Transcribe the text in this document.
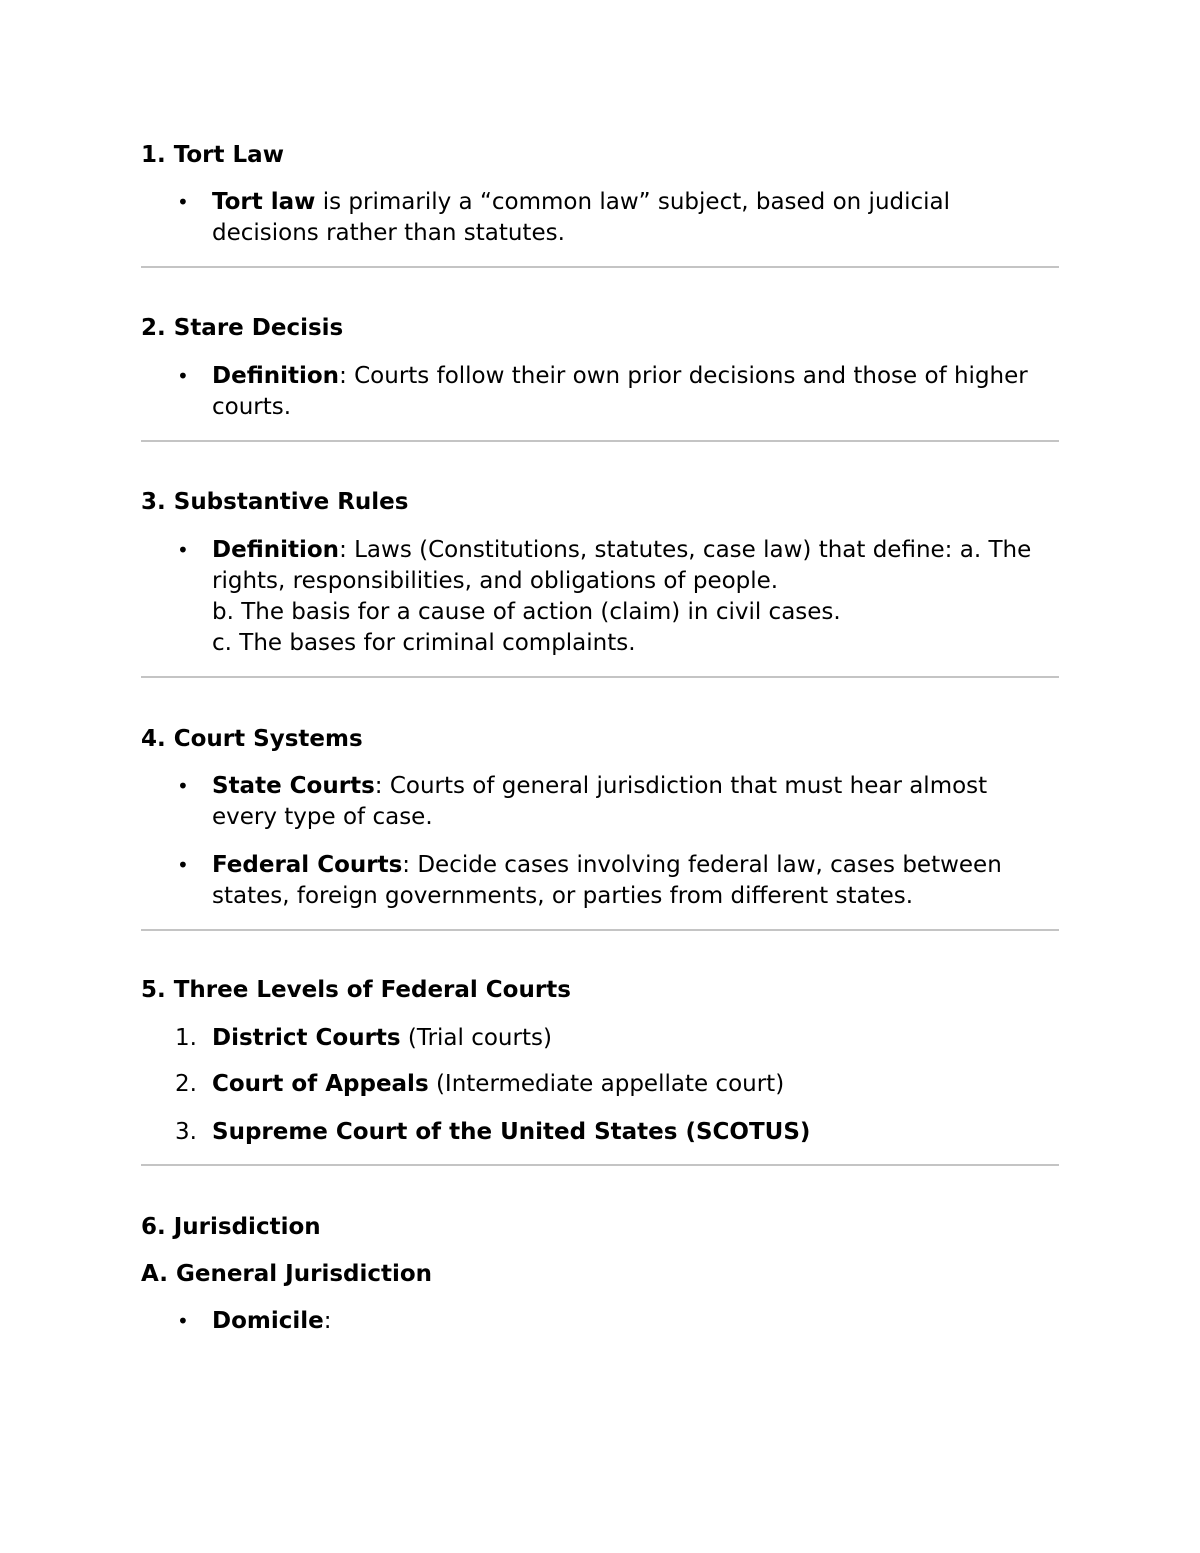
1. Tort Law
•	Tort law is primarily a “common law” subject, based on judicial decisions rather than statutes.
2. Stare Decisis
•	Definition: Courts follow their own prior decisions and those of higher courts.
3. Substantive Rules
•	Definition: Laws (Constitutions, statutes, case law) that define: a. The rights, responsibilities, and obligations of people.
b. The basis for a cause of action (claim) in civil cases.
c. The bases for criminal complaints.
4. Court Systems
•	State Courts: Courts of general jurisdiction that must hear almost every type of case.
•	Federal Courts: Decide cases involving federal law, cases between states, foreign governments, or parties from different states.
5. Three Levels of Federal Courts
1. District Courts (Trial courts)
2. Court of Appeals (Intermediate appellate court)
3. Supreme Court of the United States (SCOTUS)
6. Jurisdiction
A. General Jurisdiction
•	Domicile:
